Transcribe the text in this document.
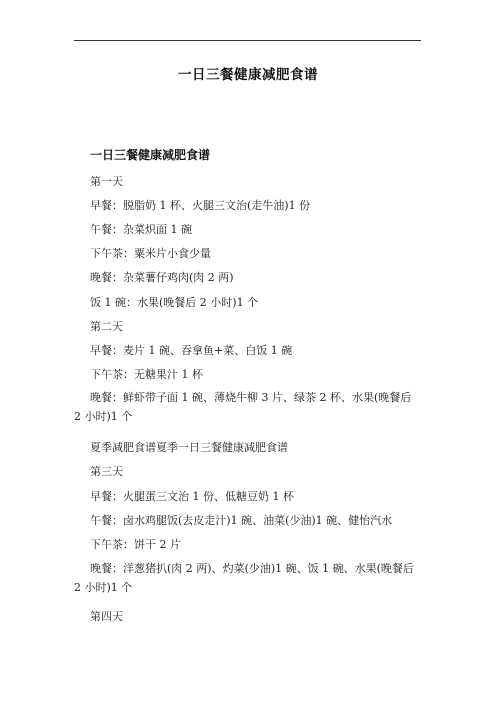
一日三餐健康减肥食谱
一日三餐健康减肥食谱
第一天
早餐：脱脂奶 1 杯、火腿三文治(走牛油)1 份
午餐：杂菜炽面 1 碗
下午茶：粟米片小食少量
晚餐：杂菜薯仔鸡肉(肉 2 两)
饭 1 碗：水果(晚餐后 2 小时)1 个
第二天
早餐：麦片 1 碗、吞拿鱼+菜、白饭 1 碗
下午茶：无糖果汁 1 杯
晚餐：鲜虾带子面 1 碗、薄烧牛柳 3 片、绿茶 2 杯、水果(晚餐后 2 小时)1 个
夏季减肥食谱夏季一日三餐健康减肥食谱
第三天
早餐：火腿蛋三文治 1 份、低糖豆奶 1 杯
午餐：卤水鸡腿饭(去皮走汁)1 碗、油菜(少油)1 碗、健怡汽水
下午茶：饼干 2 片
晚餐：洋葱猪扒(肉 2 两)、灼菜(少油)1 碗、饭 1 碗、水果(晚餐后 2 小时)1 个
第四天
